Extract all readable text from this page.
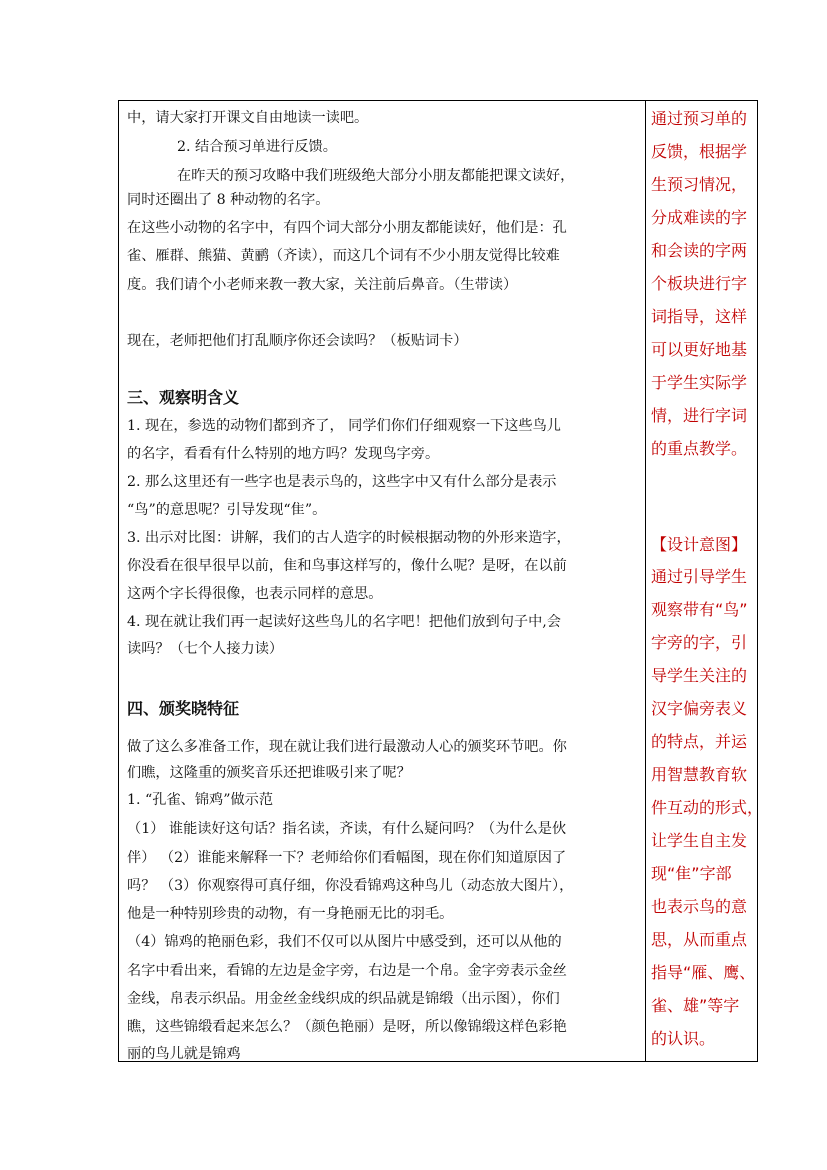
中，请大家打开课文自由地读一读吧。
2. 结合预习单进行反馈。
在昨天的预习攻略中我们班级绝大部分小朋友都能把课文读好，
同时还圈出了 8 种动物的名字。
在这些小动物的名字中，有四个词大部分小朋友都能读好，他们是：孔
雀、雁群、熊猫、黄鹂（齐读），而这几个词有不少小朋友觉得比较难
度。我们请个小老师来教一教大家，关注前后鼻音。（生带读）
现在，老师把他们打乱顺序你还会读吗？（板贴词卡）
三、观察明含义
1. 现在，参选的动物们都到齐了， 同学们你们仔细观察一下这些鸟儿
的名字，看看有什么特别的地方吗？发现鸟字旁。
2. 那么这里还有一些字也是表示鸟的，这些字中又有什么部分是表示
“鸟”的意思呢？引导发现“隹”。
3. 出示对比图：讲解，我们的古人造字的时候根据动物的外形来造字，
你没看在很早很早以前，隹和鸟事这样写的，像什么呢？是呀，在以前
这两个字长得很像，也表示同样的意思。
4. 现在就让我们再一起读好这些鸟儿的名字吧！把他们放到句子中,会
读吗？（七个人接力读）
四、颁奖晓特征
做了这么多准备工作，现在就让我们进行最激动人心的颁奖环节吧。你
们瞧，这隆重的颁奖音乐还把谁吸引来了呢？
1. “孔雀、锦鸡”做示范
（1） 谁能读好这句话？指名读，齐读，有什么疑问吗？（为什么是伙
伴） （2）谁能来解释一下？老师给你们看幅图，现在你们知道原因了
吗？ （3）你观察得可真仔细，你没看锦鸡这种鸟儿（动态放大图片），
他是一种特别珍贵的动物，有一身艳丽无比的羽毛。
（4）锦鸡的艳丽色彩，我们不仅可以从图片中感受到，还可以从他的
名字中看出来，看锦的左边是金字旁，右边是一个帛。金字旁表示金丝
金线，帛表示织品。用金丝金线织成的织品就是锦缎（出示图），你们
瞧，这些锦缎看起来怎么？（颜色艳丽）是呀，所以像锦缎这样色彩艳
丽的鸟儿就是锦鸡
通过预习单的
反馈，根据学
生预习情况，
分成难读的字
和会读的字两
个板块进行字
词指导，这样
可以更好地基
于学生实际学
情，进行字词
的重点教学。
【设计意图】
通过引导学生
观察带有“鸟”
字旁的字，引
导学生关注的
汉字偏旁表义
的特点，并运
用智慧教育软
件互动的形式，
让学生自主发
现“隹”字部
也表示鸟的意
思，从而重点
指导“雁、鹰、
雀、雄”等字
的认识。
